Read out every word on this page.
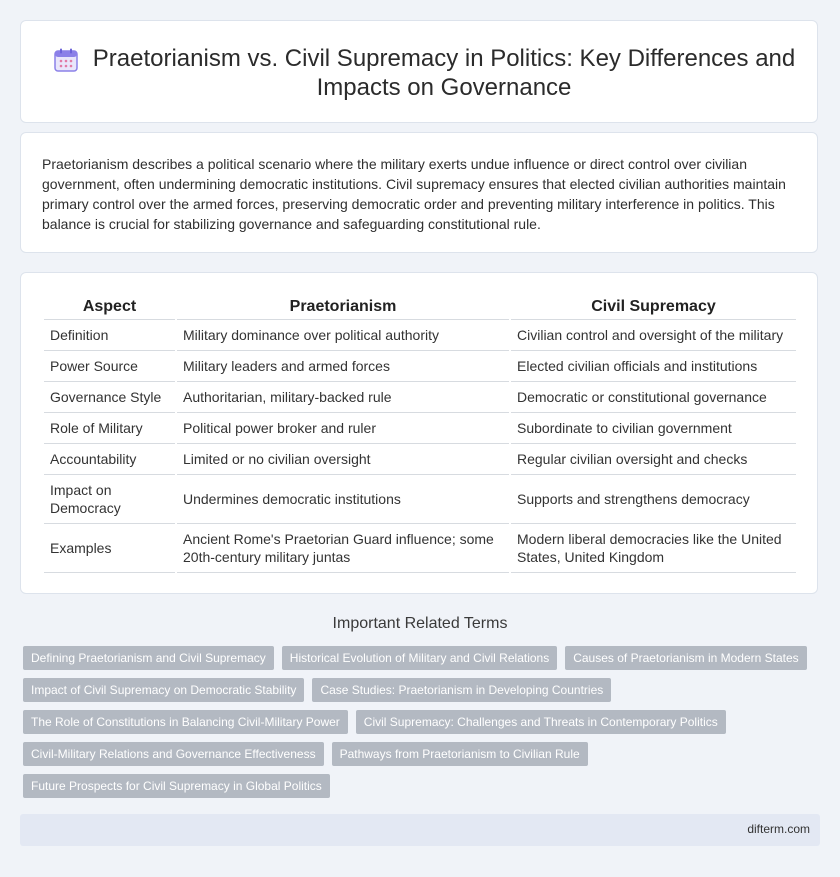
Praetorianism vs. Civil Supremacy in Politics: Key Differences and Impacts on Governance

Praetorianism describes a political scenario where the military exerts undue influence or direct control over civilian government, often undermining democratic institutions. Civil supremacy ensures that elected civilian authorities maintain primary control over the armed forces, preserving democratic order and preventing military interference in politics. This balance is crucial for stabilizing governance and safeguarding constitutional rule.

Aspect	Praetorianism	Civil Supremacy
Definition	Military dominance over political authority	Civilian control and oversight of the military
Power Source	Military leaders and armed forces	Elected civilian officials and institutions
Governance Style	Authoritarian, military-backed rule	Democratic or constitutional governance
Role of Military	Political power broker and ruler	Subordinate to civilian government
Accountability	Limited or no civilian oversight	Regular civilian oversight and checks
Impact on Democracy	Undermines democratic institutions	Supports and strengthens democracy
Examples	Ancient Rome's Praetorian Guard influence; some 20th-century military juntas	Modern liberal democracies like the United States, United Kingdom
Important Related Terms
Defining Praetorianism and Civil Supremacy	Historical Evolution of Military and Civil Relations	Causes of Praetorianism in Modern States
Impact of Civil Supremacy on Democratic Stability	Case Studies: Praetorianism in Developing Countries
The Role of Constitutions in Balancing Civil-Military Power	Civil Supremacy: Challenges and Threats in Contemporary Politics
Civil-Military Relations and Governance Effectiveness	Pathways from Praetorianism to Civilian Rule
Future Prospects for Civil Supremacy in Global Politics
difterm.com
